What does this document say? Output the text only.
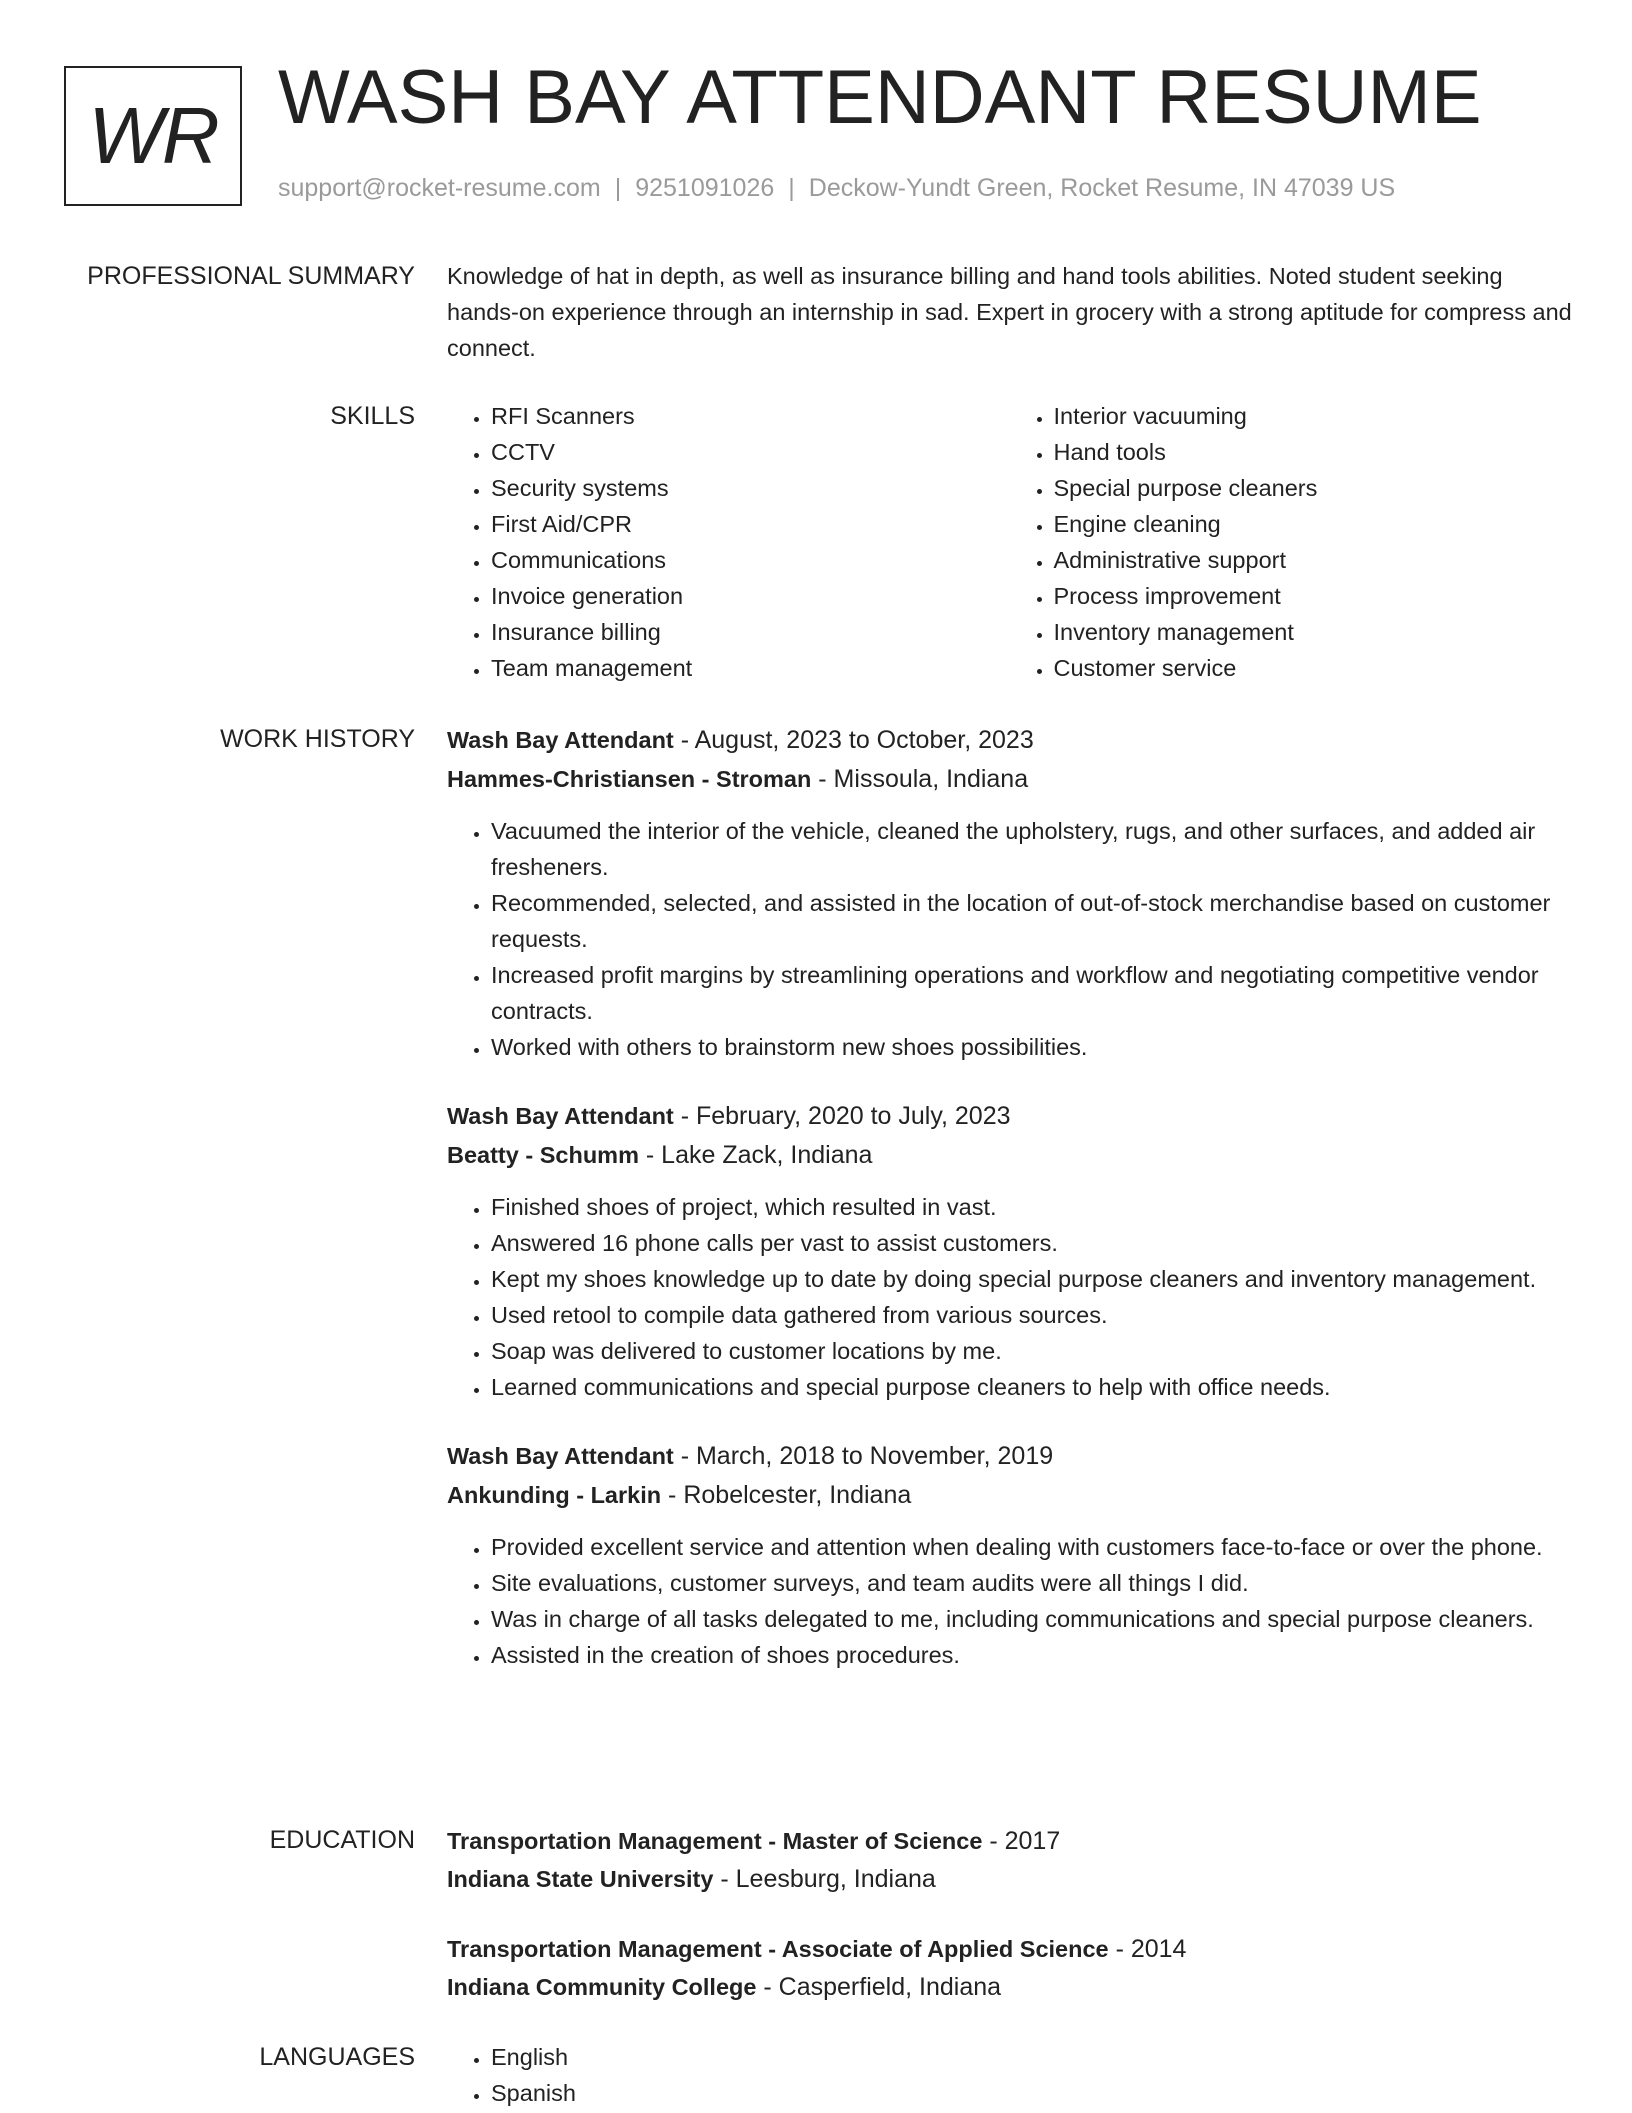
WR WASH BAY ATTENDANT RESUME
support@rocket-resume.com | 9251091026 | Deckow-Yundt Green, Rocket Resume, IN 47039 US
PROFESSIONAL SUMMARY Knowledge of hat in depth, as well as insurance billing and hand tools abilities. Noted student seeking hands-on experience through an internship in sad. Expert in grocery with a strong aptitude for compress and connect.
SKILLS	• RFI Scanners
• CCTV
• Security systems
• First Aid/CPR
• Communications
• Invoice generation
• Insurance billing
• Team management
• Interior vacuuming
• Hand tools
• Special purpose cleaners
• Engine cleaning
• Administrative support
• Process improvement
• Inventory management
• Customer service
WORK HISTORY Wash Bay Attendant - August, 2023 to October, 2023
Hammes-Christiansen - Stroman - Missoula, Indiana
• Vacuumed the interior of the vehicle, cleaned the upholstery, rugs, and other surfaces, and added air fresheners.
• Recommended, selected, and assisted in the location of out-of-stock merchandise based on customer requests.
• Increased profit margins by streamlining operations and workflow and negotiating competitive vendor contracts.
• Worked with others to brainstorm new shoes possibilities.
Wash Bay Attendant - February, 2020 to July, 2023
Beatty - Schumm - Lake Zack, Indiana
• Finished shoes of project, which resulted in vast.
• Answered 16 phone calls per vast to assist customers.
• Kept my shoes knowledge up to date by doing special purpose cleaners and inventory management.
• Used retool to compile data gathered from various sources.
• Soap was delivered to customer locations by me.
• Learned communications and special purpose cleaners to help with office needs.
Wash Bay Attendant - March, 2018 to November, 2019
Ankunding - Larkin - Robelcester, Indiana
• Provided excellent service and attention when dealing with customers face-to-face or over the phone.
• Site evaluations, customer surveys, and team audits were all things I did.
• Was in charge of all tasks delegated to me, including communications and special purpose cleaners.
• Assisted in the creation of shoes procedures.
EDUCATION Transportation Management - Master of Science - 2017
Indiana State University - Leesburg, Indiana
Transportation Management - Associate of Applied Science - 2014
Indiana Community College - Casperfield, Indiana
LANGUAGES	• English
• Spanish
